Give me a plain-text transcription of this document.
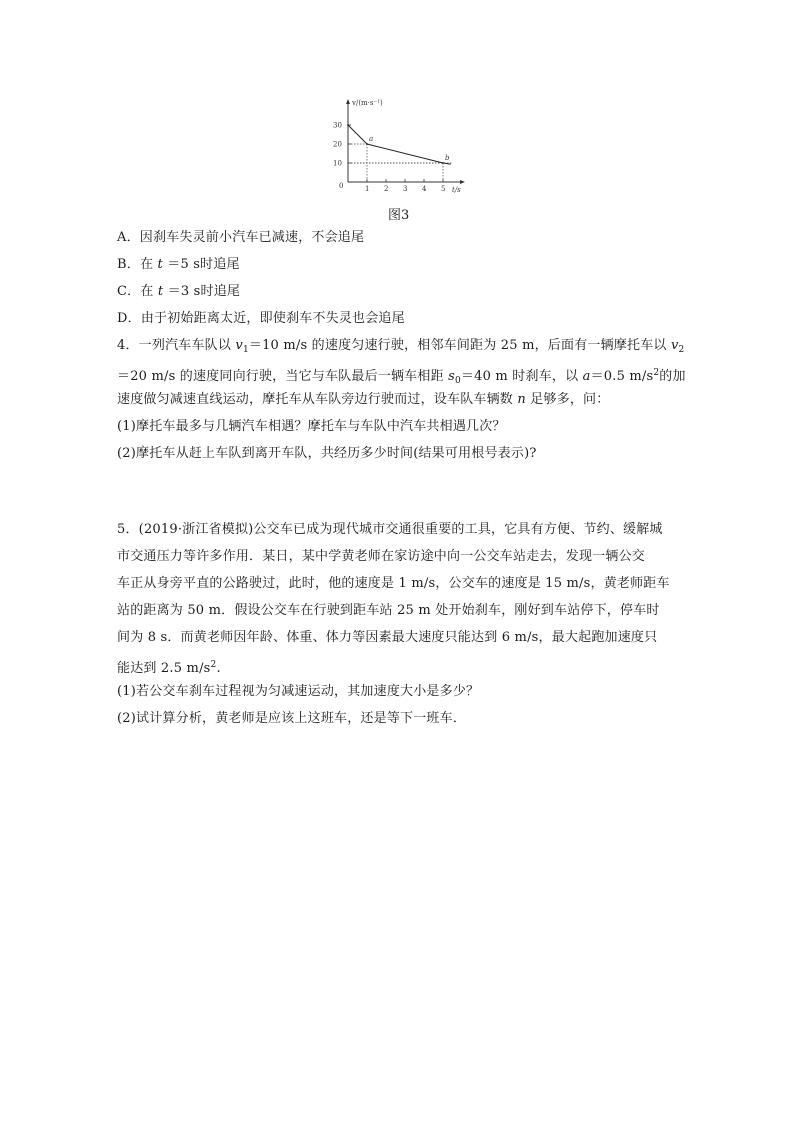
30
20
10
1 2 3 4 5
a
b
v/(m·s⁻¹)
t/s
0
图3
A．因刹车失灵前小汽车已减速，不会追尾
B．在 t ＝5 s时追尾
C．在 t ＝3 s时追尾
D．由于初始距离太近，即使刹车不失灵也会追尾
4．一列汽车车队以 $v_1=10$ m/s 的速度匀速行驶，相邻车间距为 25 m，后面有一辆摩托车以 $v_2$
＝20 m/s 的速度同向行驶，当它与车队最后一辆车相距 $s_0=40$ m 时刹车，以 a＝0.5 $m/s^2$的加
速度做匀减速直线运动，摩托车从车队旁边行驶而过，设车队车辆数 n 足够多，问：
(1)摩托车最多与几辆汽车相遇？摩托车与车队中汽车共相遇几次？
(2)摩托车从赶上车队到离开车队，共经历多少时间(结果可用根号表示)?
5．(2019·浙江省模拟)公交车已成为现代城市交通很重要的工具，它具有方便、节约、缓解城
市交通压力等许多作用．某日，某中学黄老师在家访途中向一公交车站走去，发现一辆公交
车正从身旁平直的公路驶过，此时，他的速度是 1 m/s，公交车的速度是 15 m/s，黄老师距车
站的距离为 50 m．假设公交车在行驶到距车站 25 m 处开始刹车，刚好到车站停下，停车时
间为 8 s．而黄老师因年龄、体重、体力等因素最大速度只能达到 6 m/s，最大起跑加速度只
能达到 2.5 $m/s^2$.
(1)若公交车刹车过程视为匀减速运动，其加速度大小是多少？
(2)试计算分析，黄老师是应该上这班车，还是等下一班车．
